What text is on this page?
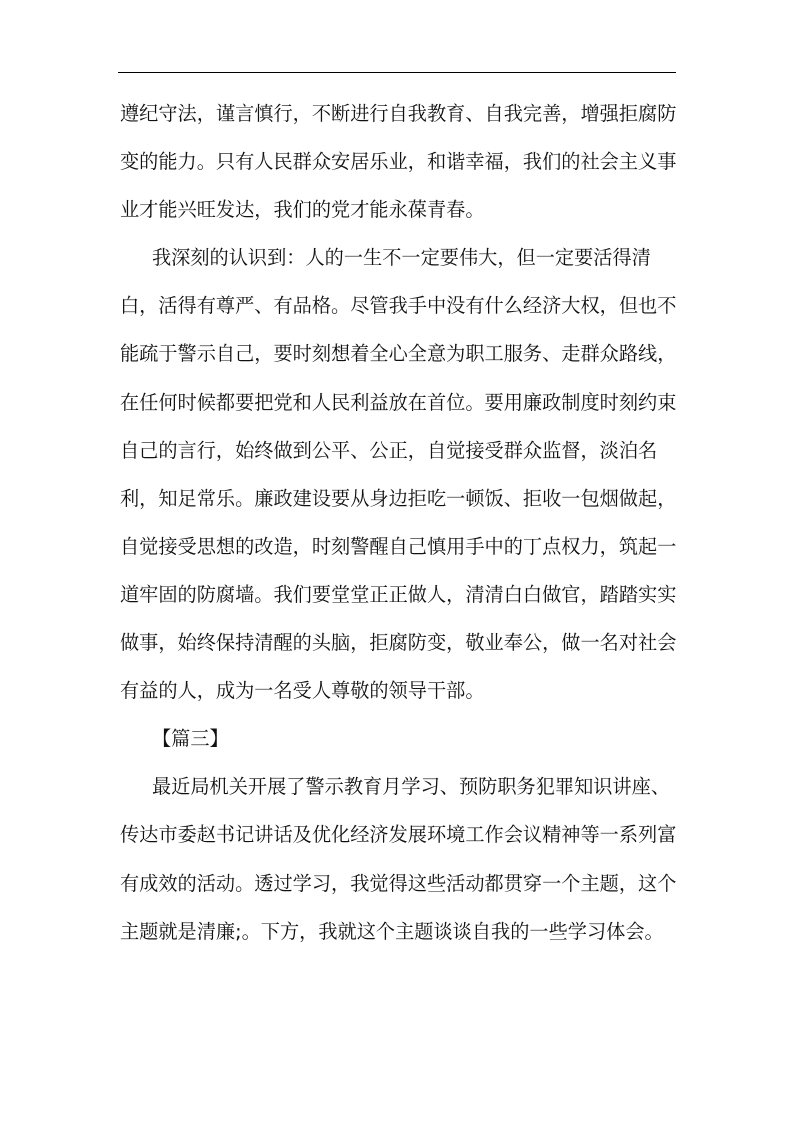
遵纪守法，谨言慎行，不断进行自我教育、自我完善，增强拒腐防
变的能力。只有人民群众安居乐业，和谐幸福，我们的社会主义事
业才能兴旺发达，我们的党才能永葆青春。
我深刻的认识到：人的一生不一定要伟大，但一定要活得清
白，活得有尊严、有品格。尽管我手中没有什么经济大权，但也不
能疏于警示自己，要时刻想着全心全意为职工服务、走群众路线，
在任何时候都要把党和人民利益放在首位。要用廉政制度时刻约束
自己的言行，始终做到公平、公正，自觉接受群众监督，淡泊名
利，知足常乐。廉政建设要从身边拒吃一顿饭、拒收一包烟做起，
自觉接受思想的改造，时刻警醒自己慎用手中的丁点权力，筑起一
道牢固的防腐墙。我们要堂堂正正做人，清清白白做官，踏踏实实
做事，始终保持清醒的头脑，拒腐防变，敬业奉公，做一名对社会
有益的人，成为一名受人尊敬的领导干部。
【篇三】
最近局机关开展了警示教育月学习、预防职务犯罪知识讲座、
传达市委赵书记讲话及优化经济发展环境工作会议精神等一系列富
有成效的活动。透过学习，我觉得这些活动都贯穿一个主题，这个
主题就是清廉;。下方，我就这个主题谈谈自我的一些学习体会。
